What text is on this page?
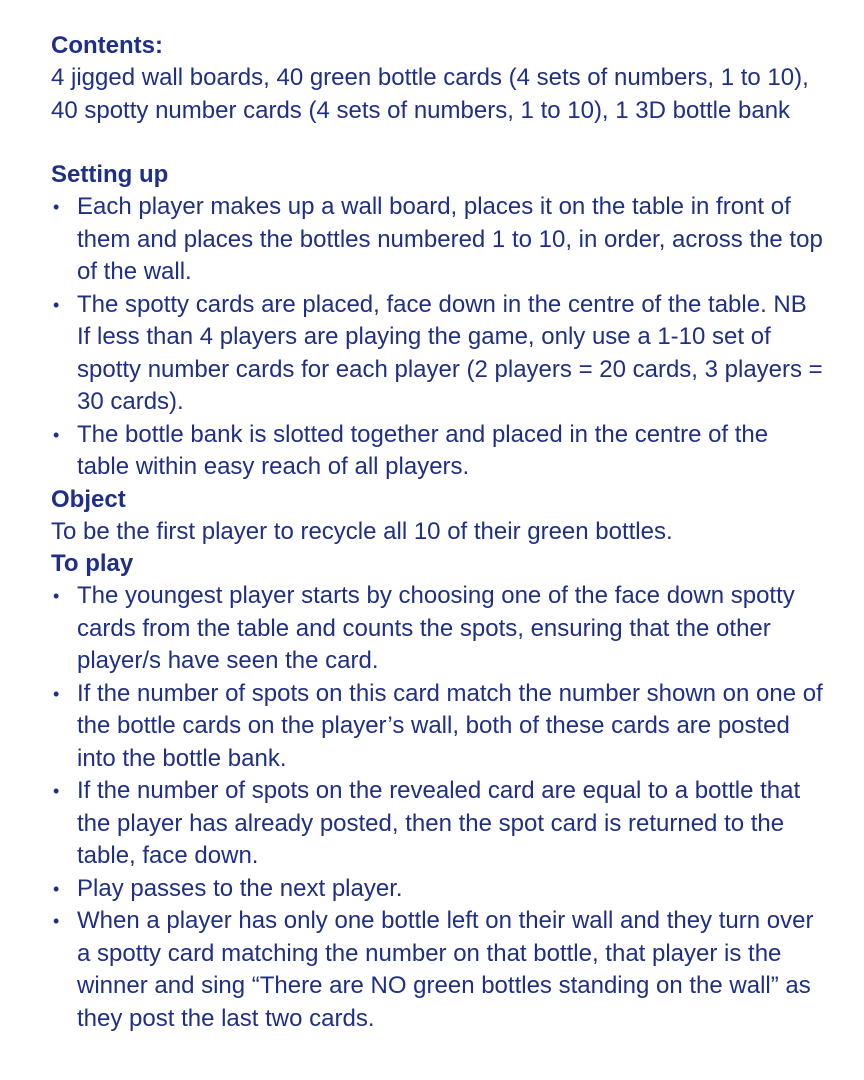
Contents:

4 jigged wall boards, 40 green bottle cards (4 sets of numbers, 1 to 10), 40 spotty number cards (4 sets of numbers, 1 to 10), 1 3D bottle bank

Setting up
• Each player makes up a wall board, places it on the table in front of them and places the bottles numbered 1 to 10, in order, across the top of the wall.
• The spotty cards are placed, face down in the centre of the table. NB If less than 4 players are playing the game, only use a 1-10 set of spotty number cards for each player (2 players = 20 cards, 3 players = 30 cards).
• The bottle bank is slotted together and placed in the centre of the table within easy reach of all players.
Object

To be the first player to recycle all 10 of their green bottles.

To play
• The youngest player starts by choosing one of the face down spotty cards from the table and counts the spots, ensuring that the other player/s have seen the card.
• If the number of spots on this card match the number shown on one of the bottle cards on the player’s wall, both of these cards are posted into the bottle bank.
• If the number of spots on the revealed card are equal to a bottle that the player has already posted, then the spot card is returned to the table, face down.
• Play passes to the next player.
• When a player has only one bottle left on their wall and they turn over a spotty card matching the number on that bottle, that player is the winner and sing “There are NO green bottles standing on the wall” as they post the last two cards.
